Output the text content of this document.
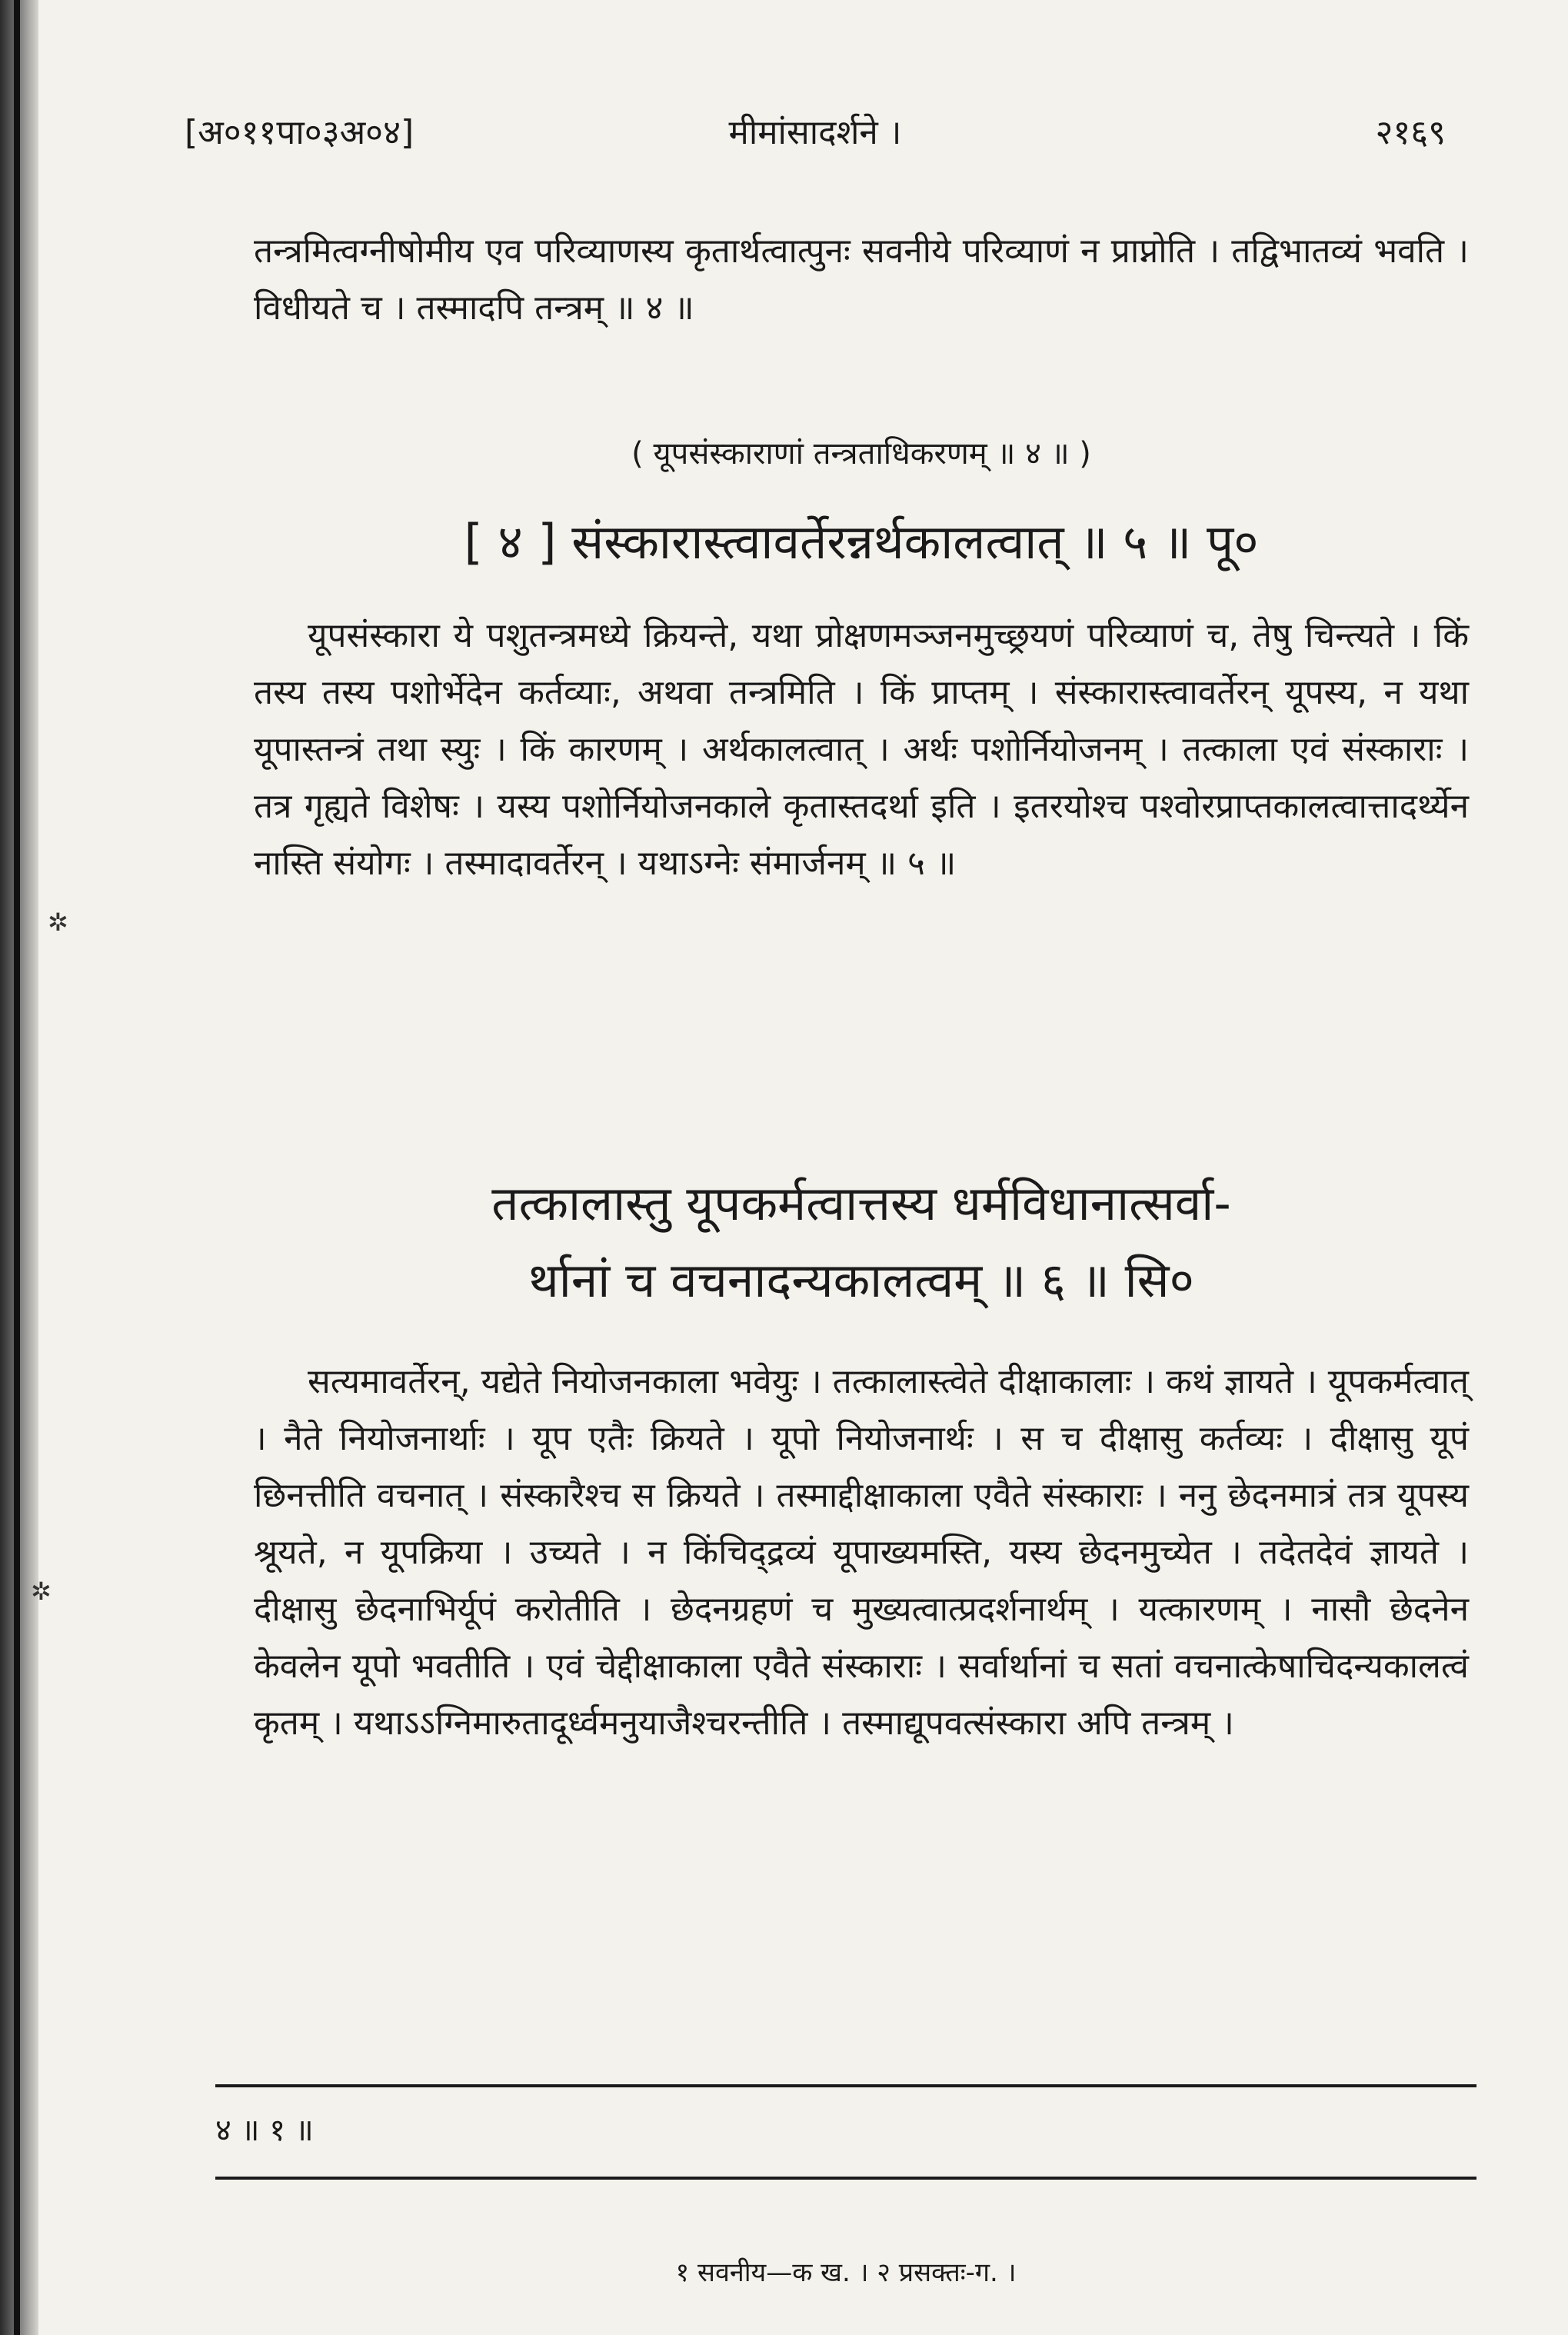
✲
✲
[अ०११पा०३अ०४]	मीमांसादर्शने ।	२१६९
तन्त्रमित्वग्नीषोमीय एव परिव्याणस्य कृतार्थत्वात्पुनः सवनीये परिव्याणं न प्राप्नोति । तद्विभातव्यं भवति । विधीयते च । तस्मादपि तन्त्रम् ॥ ४ ॥
( यूपसंस्काराणां तन्त्रताधिकरणम् ॥ ४ ॥ )
[ ४ ] संस्कारास्त्वावर्तेरन्नर्थकालत्वात् ॥ ५ ॥ पू०
यूपसंस्कारा ये पशुतन्त्रमध्ये क्रियन्ते, यथा प्रोक्षणमञ्जनमुच्छ्रयणं परिव्याणं च, तेषु चिन्त्यते । किं तस्य तस्य पशोर्भेदेन कर्तव्याः, अथवा तन्त्रमिति । किं प्राप्तम् । संस्कारास्त्वावर्तेरन् यूपस्य, न यथा यूपास्तन्त्रं तथा स्युः । किं कारणम् । अर्थकालत्वात् । अर्थः पशोर्नियोजनम् । तत्काला एवं संस्काराः । तत्र गृह्यते विशेषः । यस्य पशोर्नियोजनकाले कृतास्तदर्था इति । इतरयोश्च पश्वोरप्राप्तकालत्वात्तादर्थ्येन नास्ति संयोगः । तस्मादावर्तेरन् । यथाऽग्नेः संमार्जनम् ॥ ५ ॥
तत्कालास्तु यूपकर्मत्वात्तस्य धर्मविधानात्सर्वा-
र्थानां च वचनादन्यकालत्वम् ॥ ६ ॥ सि०
सत्यमावर्तेरन्, यद्येते नियोजनकाला भवेयुः । तत्कालास्त्वेते दीक्षाकालाः । कथं ज्ञायते । यूपकर्मत्वात् । नैते नियोजनार्थाः । यूप एतैः क्रियते । यूपो नियोजनार्थः । स च दीक्षासु कर्तव्यः । दीक्षासु यूपं छिनत्तीति वचनात् । संस्कारैश्च स क्रियते । तस्माद्दीक्षाकाला एवैते संस्काराः । ननु छेदनमात्रं तत्र यूपस्य श्रूयते, न यूपक्रिया । उच्यते । न किंचिद्द्रव्यं यूपाख्यमस्ति, यस्य छेदनमुच्येत । तदेतदेवं ज्ञायते । दीक्षासु छेदनाभिर्यूपं करोतीति । छेदनग्रहणं च मुख्यत्वात्प्रदर्शनार्थम् । यत्कारणम् । नासौ छेदनेन केवलेन यूपो भवतीति । एवं चेद्दीक्षाकाला एवैते संस्काराः । सर्वार्थानां च सतां वचनात्केषाचिदन्यकालत्वं कृतम् । यथाऽऽग्निमारुतादूर्ध्वमनुयाजैश्चरन्तीति । तस्माद्यूपवत्संस्कारा अपि तन्त्रम् ।
४ ॥ १ ॥
१ सवनीय—क ख. । २ प्रसक्तः-ग. ।
